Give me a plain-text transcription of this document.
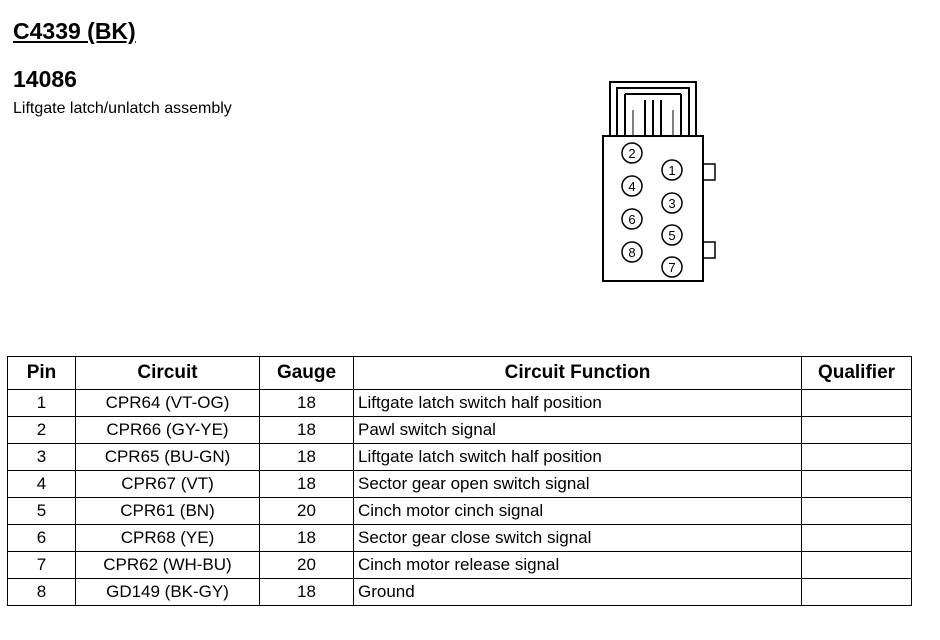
C4339 (BK)
14086

Liftgate latch/unlatch assembly

1
2
3
4
5
6
7
8
Pin	Circuit	Gauge	Circuit Function	Qualifier
1	CPR64 (VT-OG)	18	Liftgate latch switch half position	
2	CPR66 (GY-YE)	18	Pawl switch signal	
3	CPR65 (BU-GN)	18	Liftgate latch switch half position	
4	CPR67 (VT)	18	Sector gear open switch signal	
5	CPR61 (BN)	20	Cinch motor cinch signal	
6	CPR68 (YE)	18	Sector gear close switch signal	
7	CPR62 (WH-BU)	20	Cinch motor release signal	
8	GD149 (BK-GY)	18	Ground	
